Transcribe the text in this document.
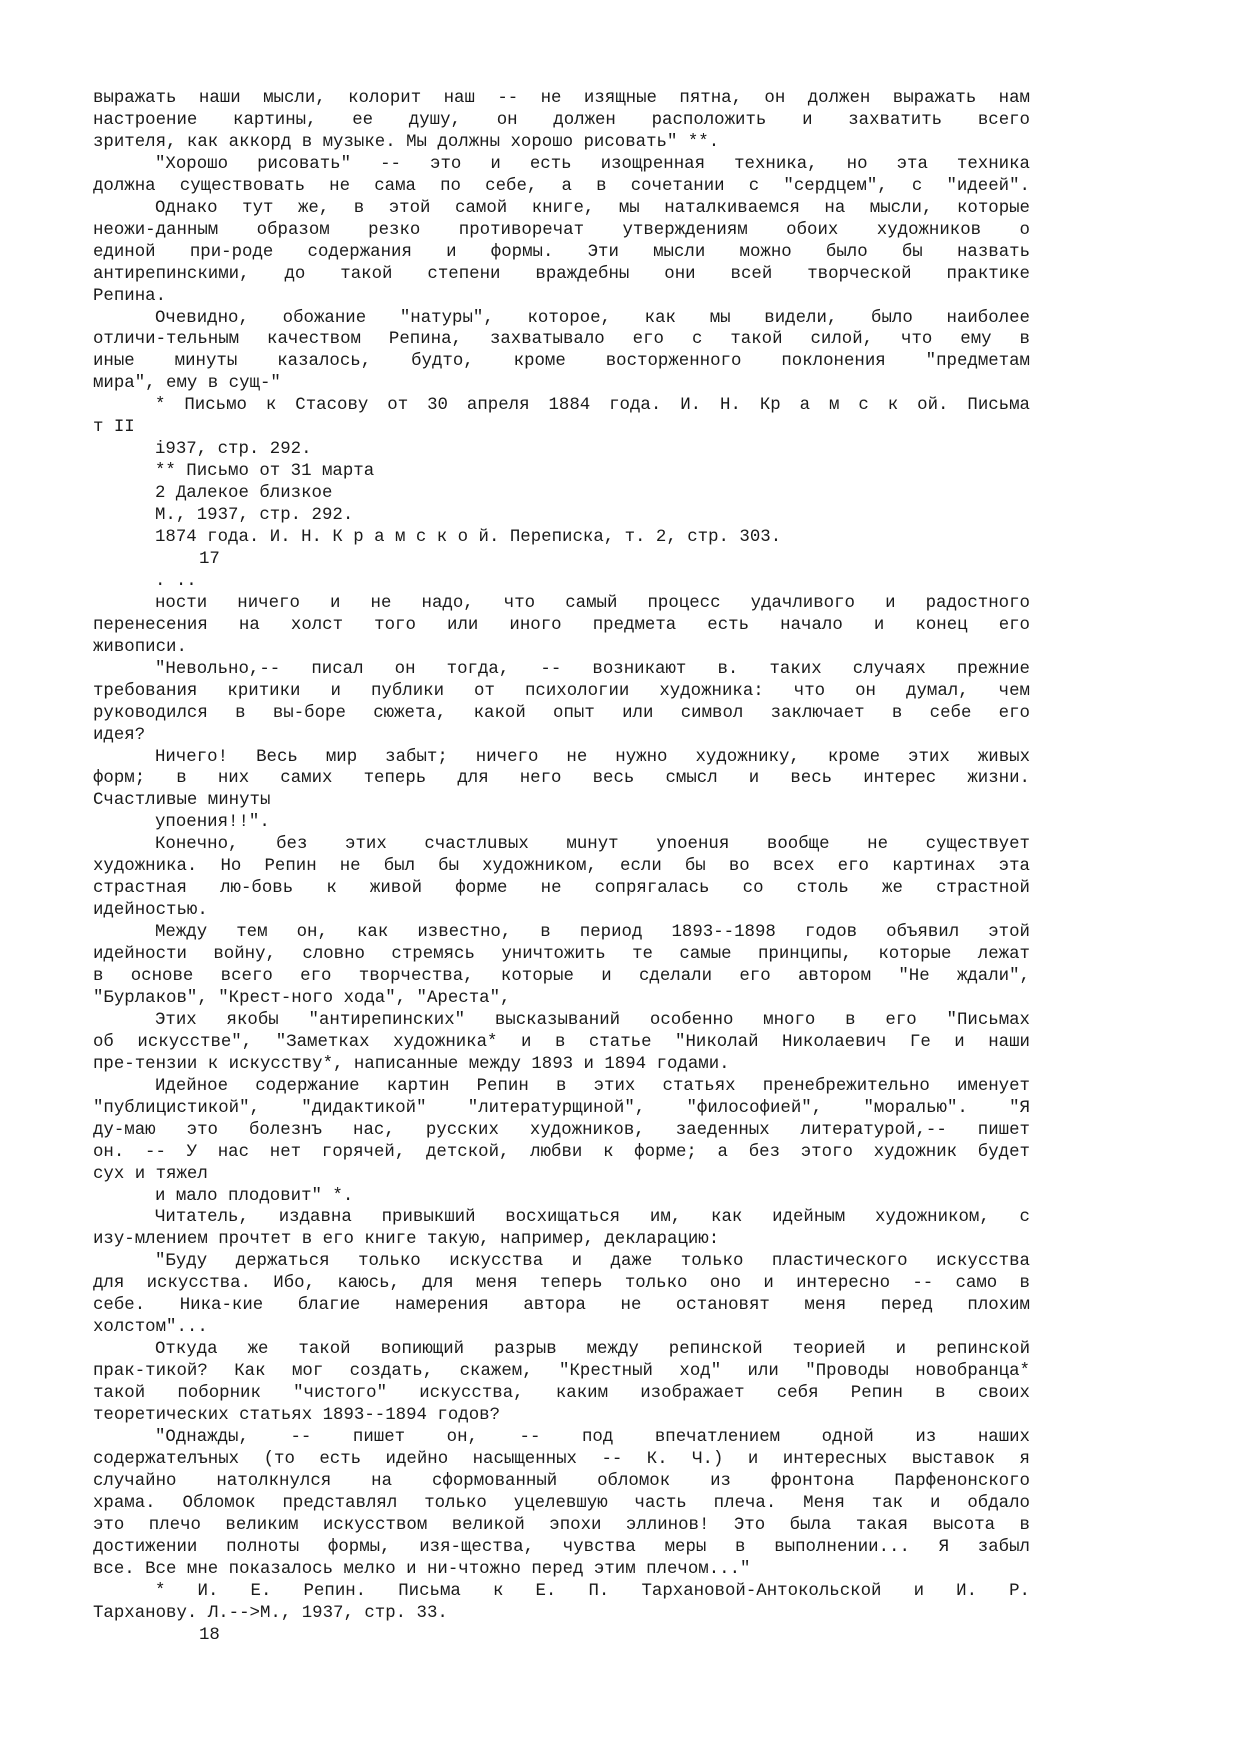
выражать наши мысли, колорит наш -- не изящные пятна, он должен выражать нам
настроение картины, ее душу, он должен расположить и захватить всего
зрителя, как аккорд в музыке. Мы должны хорошо рисовать" **.
"Хорошо рисовать" -- это и есть изощренная техника, но эта техника
должна существовать не сама по себе, а в сочетании с "сердцем", с "идеей".
Однако тут же, в этой самой книге, мы наталкиваемся на мысли, которые
неожи-данным образом резко противоречат утверждениям обоих художников о
единой при-роде содержания и формы. Эти мысли можно было бы назвать
антирепинскими, до такой степени враждебны они всей творческой практике
Репина.
Очевидно, обожание "натуры", которое, как мы видели, было наиболее
отличи-тельным качеством Репина, захватывало его с такой силой, что ему в
иные минуты казалось, будто, кроме восторженного поклонения "предметам
мира", ему в сущ-"
* Письмо к Стасову от 30 апреля 1884 года. И. Н. Кр а м с к ой. Письма
т II
i937, стр. 292.
** Письмо от 31 марта
2 Далекое близкое
М., 1937, стр. 292.
1874 года. И. Н. К р а м с к о й. Переписка, т. 2, стр. 303.
17
. ..
ности ничего и не надо, что самый процесс удачливого и радостного
перенесения на холст того или иного предмета есть начало и конец его
живописи.
"Невольно,-- писал он тогда, -- возникают в. таких случаях прежние
требования критики и публики от психологии художника: что он думал, чем
руководился в вы-боре сюжета, какой опыт или символ заключает в себе его
идея?
Ничего! Весь мир забыт; ничего не нужно художнику, кроме этих живых
форм; в них самих теперь для него весь смысл и весь интерес жизни.
Счастливые минуты
упоения!!".
Конечно, без этих счастлuвых мuнут уnoeнuя вообще не существует
художника. Но Репин не был бы художником, если бы во всех его картинах эта
страстная лю-бовь к живой форме не сопрягалась со столь же страстной
идейностью.
Между тем он, как известно, в период 1893--1898 годов объявил этой
идейности войну, словно стремясь уничтожить те самые принципы, которые лежат
в основе всего его творчества, которые и сделали его автором "Не ждали",
"Бурлаков", "Крест-ного хода", "Ареста",
Этих якобы "антирепинских" высказываний особенно много в его "Письмах
об искусстве", "Заметках художника* и в статье "Николай Николаевич Ге и наши
пре-тензии к искусству*, написанные между 1893 и 1894 годами.
Идейное содержание картин Репин в этих статьях пренебрежительно именует
"публицистикой", "дидактикой" "литературщиной", "философией", "моралью". "Я
ду-маю это болезнъ нас, русских художников, заеденных литературой,-- пишет
он. -- У нас нет горячей, детской, любви к форме; а без этого художник будет
сух и тяжел
и мало плодовит" *.
Читатель, издавна привыкший восхищаться им, как идейным художником, с
изу-млением прочтет в его книге такую, например, декларацию:
"Буду держаться только искусства и даже только пластического искусства
для искусства. Ибо, каюсь, для меня теперь только оно и интересно -- само в
себе. Ника-кие благие намерения автора не остановят меня перед плохим
холстом"...
Откуда же такой вопиющий разрыв между репинской теорией и репинской
прак-тикой? Как мог создать, скажем, "Крестный ход" или "Проводы новобранца*
такой поборник "чистого" искусства, каким изображает себя Репин в своих
теоретических статьях 1893--1894 годов?
"Однажды, -- пишет он, -- под впечатлением одной из наших
содержателъных (то есть идейно насыщенных -- К. Ч.) и интересных выставок я
случайно натолкнулся на сформованный обломок из фронтона Парфенонского
храма. Обломок представлял только уцелевшую часть плеча. Меня так и обдало
это плечо великим искусством великой эпохи эллинов! Это была такая высота в
достижении полноты формы, изя-щества, чувства меры в выполнении... Я забыл
все. Все мне показалось мелко и ни-чтожно перед этим плечом..."
* И. Е. Репин. Письма к Е. П. Тархановой-Антокольской и И. Р.
Тарханову. Л.-->М., 1937, стр. 33.
18
